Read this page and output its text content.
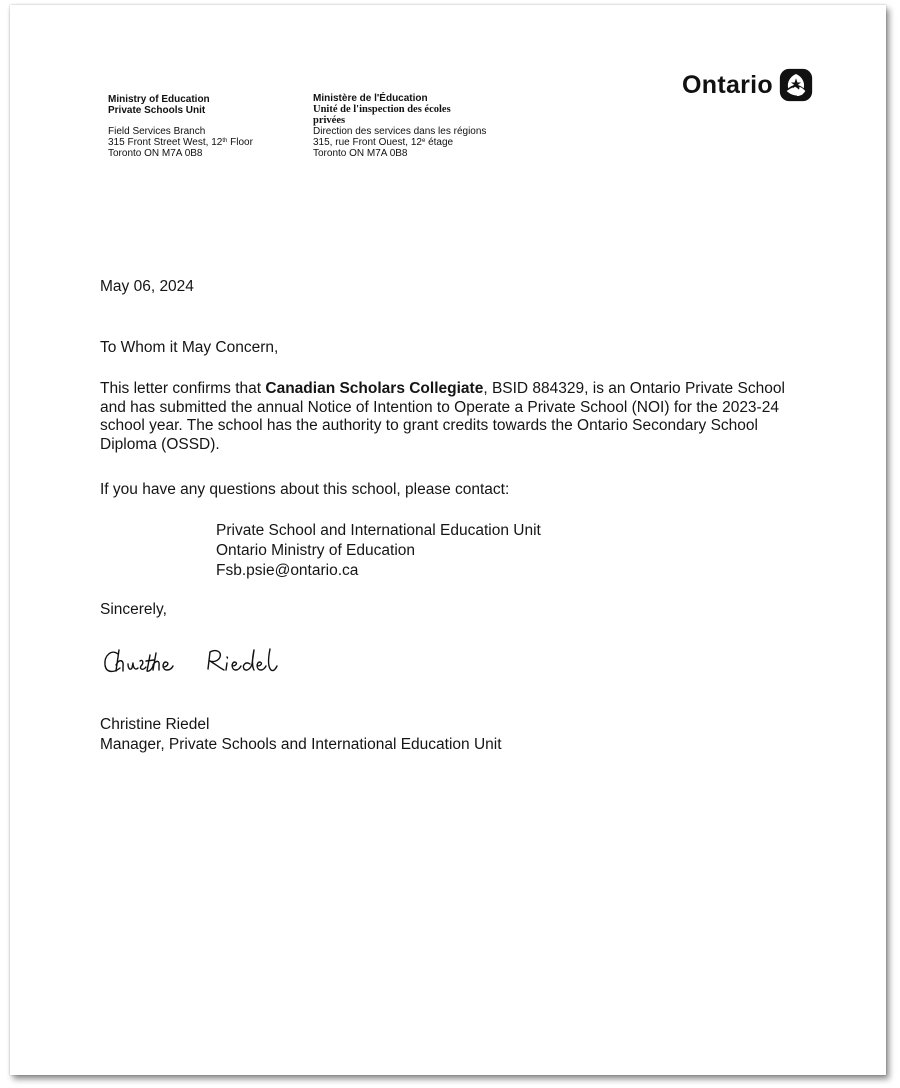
Ministry of Education
Private Schools Unit
Field Services Branch
315 Front Street West, 12th Floor
Toronto ON M7A 0B8
Ministère de l'Éducation
Unité de l'inspection des écoles
privées
Direction des services dans les régions
315, rue Front Ouest, 12e étage
Toronto ON M7A 0B8
Ontario
May 06, 2024
To Whom it May Concern,
This letter confirms that Canadian Scholars Collegiate, BSID 884329, is an Ontario Private School and has submitted the annual Notice of Intention to Operate a Private School (NOI) for the 2023-24 school year. The school has the authority to grant credits towards the Ontario Secondary School Diploma (OSSD).
If you have any questions about this school, please contact:
Private School and International Education Unit
Ontario Ministry of Education
Fsb.psie@ontario.ca
Sincerely,
Christine Riedel
Manager, Private Schools and International Education Unit
